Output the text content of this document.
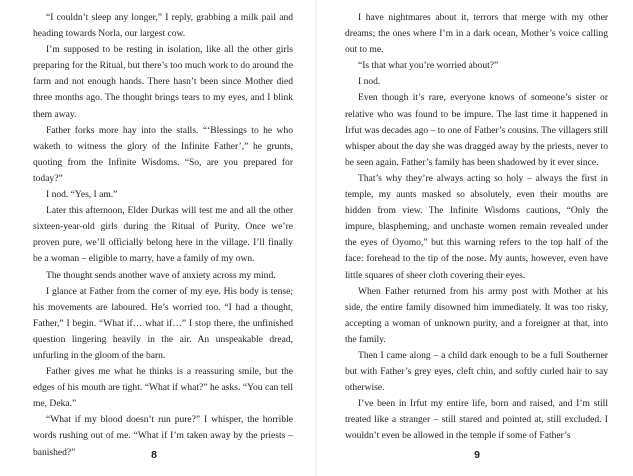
“I couldn’t sleep any longer,” I reply, grabbing a milk pail and heading towards Norla, our largest cow.

I’m supposed to be resting in isolation, like all the other girls preparing for the Ritual, but there’s too much work to do around the farm and not enough hands. There hasn’t been since Mother died three months ago. The thought brings tears to my eyes, and I blink them away.

Father forks more hay into the stalls. “‘Blessings to he who waketh to witness the glory of the Infinite Father’,” he grunts, quoting from the Infinite Wisdoms. “So, are you prepared for today?”

I nod. “Yes, I am.”

Later this afternoon, Elder Durkas will test me and all the other sixteen-year-old girls during the Ritual of Purity. Once we’re proven pure, we’ll officially belong here in the village. I’ll finally be a woman – eligible to marry, have a family of my own.

The thought sends another wave of anxiety across my mind.

I glance at Father from the corner of my eye. His body is tense; his movements are laboured. He’s worried too. “I had a thought, Father,” I begin. “What if… what if…” I stop there, the unfinished question lingering heavily in the air. An unspeakable dread, unfurling in the gloom of the barn.

Father gives me what he thinks is a reassuring smile, but the edges of his mouth are tight. “What if what?” he asks. “You can tell me, Deka.”

“What if my blood doesn’t run pure?” I whisper, the horrible words rushing out of me. “What if I’m taken away by the priests – banished?”	8

I have nightmares about it, terrors that merge with my other dreams; the ones where I’m in a dark ocean, Mother’s voice calling out to me.

“Is that what you’re worried about?”

I nod.

Even though it’s rare, everyone knows of someone’s sister or relative who was found to be impure. The last time it happened in Irfut was decades ago – to one of Father’s cousins. The villagers still whisper about the day she was dragged away by the priests, never to be seen again. Father’s family has been shadowed by it ever since.

That’s why they’re always acting so holy – always the first in temple, my aunts masked so absolutely, even their mouths are hidden from view. The Infinite Wisdoms cautions, “Only the impure, blaspheming, and unchaste women remain revealed under the eyes of Oyomo,” but this warning refers to the top half of the face: forehead to the tip of the nose. My aunts, however, even have little squares of sheer cloth covering their eyes.

When Father returned from his army post with Mother at his side, the entire family disowned him immediately. It was too risky, accepting a woman of unknown purity, and a foreigner at that, into the family.

Then I came along – a child dark enough to be a full Southerner but with Father’s grey eyes, cleft chin, and softly curled hair to say otherwise.

I’ve been in Irfut my entire life, born and raised, and I’m still treated like a stranger – still stared and pointed at, still excluded. I wouldn’t even be allowed in the temple if some of Father’s

9
